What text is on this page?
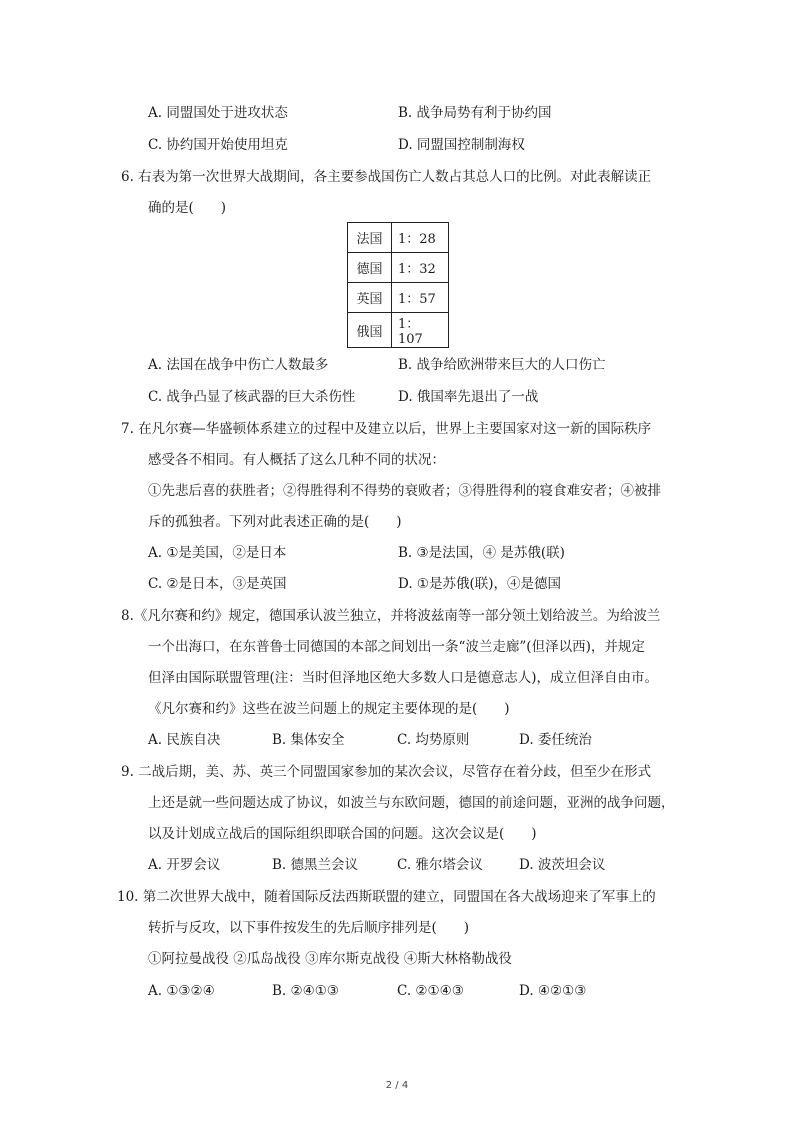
A. 同盟国处于进攻状态	B. 战争局势有利于协约国
C. 协约国开始使用坦克	D. 同盟国控制制海权
6. 右表为第一次世界大战期间，各主要参战国伤亡人数占其总人口的比例。对此表解读正
确的是(　　)
法国	1：28
德国	1：32
英国	1：57
俄国	1：107
A. 法国在战争中伤亡人数最多	B. 战争给欧洲带来巨大的人口伤亡
C. 战争凸显了核武器的巨大杀伤性	D. 俄国率先退出了一战
7. 在凡尔赛—华盛顿体系建立的过程中及建立以后，世界上主要国家对这一新的国际秩序
感受各不相同。有人概括了这么几种不同的状况：
①先悲后喜的获胜者；②得胜得利不得势的衰败者；③得胜得利的寝食难安者；④被排
斥的孤独者。下列对此表述正确的是(　　)
A. ①是美国，②是日本	B. ③是法国，④ 是苏俄(联)
C. ②是日本，③是英国	D. ①是苏俄(联)，④是德国
8.《凡尔赛和约》规定，德国承认波兰独立，并将波兹南等一部分领土划给波兰。为给波兰
一个出海口，在东普鲁士同德国的本部之间划出一条“波兰走廊”(但泽以西)，并规定
但泽由国际联盟管理(注：当时但泽地区绝大多数人口是德意志人)，成立但泽自由市。
《凡尔赛和约》这些在波兰问题上的规定主要体现的是(　　)
A. 民族自决	B. 集体安全	C. 均势原则	D. 委任统治
9. 二战后期，美、苏、英三个同盟国家参加的某次会议，尽管存在着分歧，但至少在形式
上还是就一些问题达成了协议，如波兰与东欧问题，德国的前途问题，亚洲的战争问题，
以及计划成立战后的国际组织即联合国的问题。这次会议是(　　)
A. 开罗会议	B. 德黑兰会议	C. 雅尔塔会议	D. 波茨坦会议
10. 第二次世界大战中，随着国际反法西斯联盟的建立，同盟国在各大战场迎来了军事上的
转折与反攻，以下事件按发生的先后顺序排列是(　　)
①阿拉曼战役 ②瓜岛战役 ③库尔斯克战役 ④斯大林格勒战役
A. ①③②④	B. ②④①③	C. ②①④③	D. ④②①③
2 / 4
